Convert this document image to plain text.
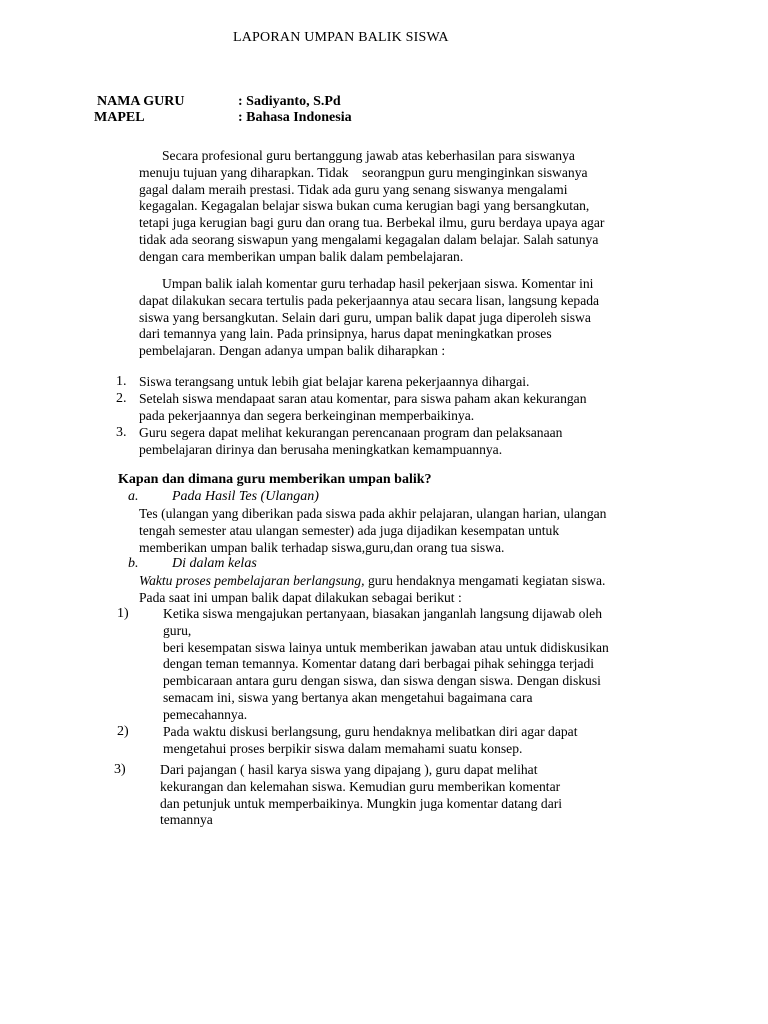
LAPORAN UMPAN BALIK SISWA
NAMA GURU	: Sadiyanto, S.Pd
MAPEL	: Bahasa Indonesia
Secara profesional guru bertanggung jawab atas keberhasilan para siswanya
menuju tujuan yang diharapkan. Tidak    seorangpun guru menginginkan siswanya
gagal dalam meraih prestasi. Tidak ada guru yang senang siswanya mengalami
kegagalan. Kegagalan belajar siswa bukan cuma kerugian bagi yang bersangkutan,
tetapi juga kerugian bagi guru dan orang tua. Berbekal ilmu, guru berdaya upaya agar
tidak ada seorang siswapun yang mengalami kegagalan dalam belajar. Salah satunya
dengan cara memberikan umpan balik dalam pembelajaran.
Umpan balik ialah komentar guru terhadap hasil pekerjaan siswa. Komentar ini
dapat dilakukan secara tertulis pada pekerjaannya atau secara lisan, langsung kepada
siswa yang bersangkutan. Selain dari guru, umpan balik dapat juga diperoleh siswa
dari temannya yang lain. Pada prinsipnya, harus dapat meningkatkan proses
pembelajaran. Dengan adanya umpan balik diharapkan :
1. Siswa terangsang untuk lebih giat belajar karena pekerjaannya dihargai.
2. Setelah siswa mendapaat saran atau komentar, para siswa paham akan kekurangan
pada pekerjaannya dan segera berkeinginan memperbaikinya.
3. Guru segera dapat melihat kekurangan perencanaan program dan pelaksanaan
pembelajaran dirinya dan berusaha meningkatkan kemampuannya.
Kapan dan dimana guru memberikan umpan balik?
a. Pada Hasil Tes (Ulangan)
Tes (ulangan yang diberikan pada siswa pada akhir pelajaran, ulangan harian, ulangan
tengah semester atau ulangan semester) ada juga dijadikan kesempatan untuk
memberikan umpan balik terhadap siswa,guru,dan orang tua siswa.
b. Di dalam kelas
Waktu proses pembelajaran berlangsung, guru hendaknya mengamati kegiatan siswa.
Pada saat ini umpan balik dapat dilakukan sebagai berikut :
1)	Ketika siswa mengajukan pertanyaan, biasakan janganlah langsung dijawab oleh
guru,
beri kesempatan siswa lainya untuk memberikan jawaban atau untuk didiskusikan
dengan teman temannya. Komentar datang dari berbagai pihak sehingga terjadi
pembicaraan antara guru dengan siswa, dan siswa dengan siswa. Dengan diskusi
semacam ini, siswa yang bertanya akan mengetahui bagaimana cara
pemecahannya.
2)	Pada waktu diskusi berlangsung, guru hendaknya melibatkan diri agar dapat
mengetahui proses berpikir siswa dalam memahami suatu konsep.
3)	Dari pajangan ( hasil karya siswa yang dipajang ), guru dapat melihat
kekurangan dan kelemahan siswa. Kemudian guru memberikan komentar
dan petunjuk untuk memperbaikinya. Mungkin juga komentar datang dari
temannya
